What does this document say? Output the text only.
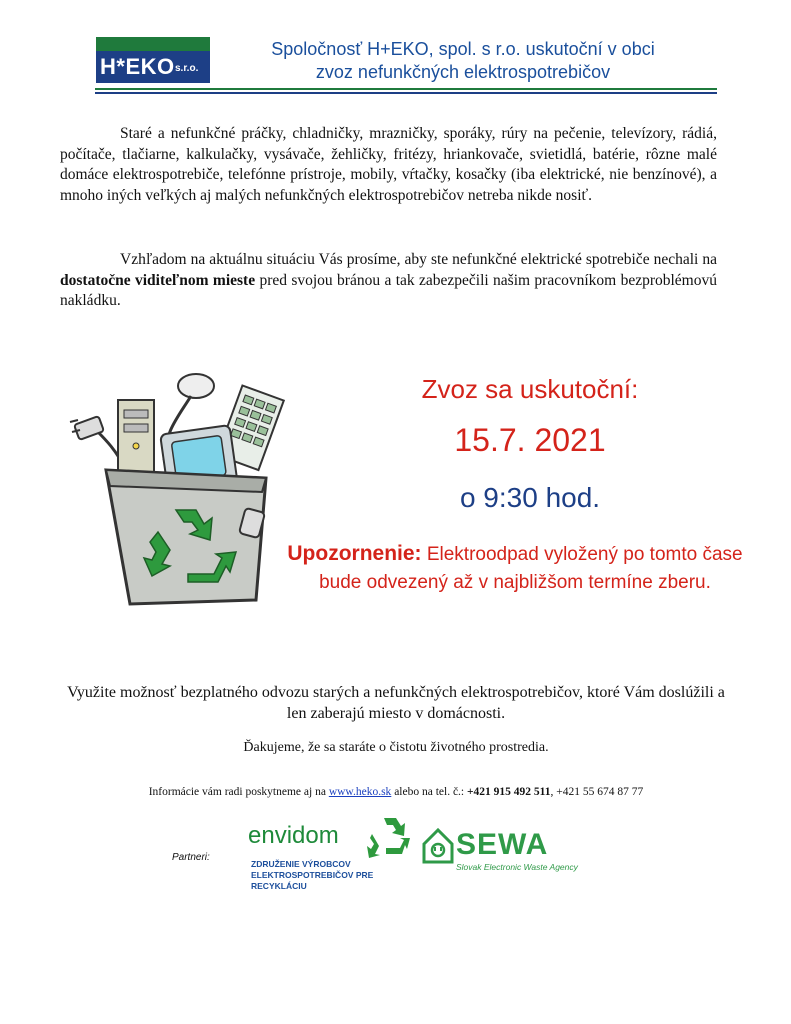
H*EKO s.r.o.
Spoločnosť H+EKO, spol. s r.o. uskutoční v obci
zvoz nefunkčných elektrospotrebičov
Staré a nefunkčné práčky, chladničky, mrazničky, sporáky, rúry na pečenie, televízory, rádiá, počítače, tlačiarne, kalkulačky, vysávače, žehličky, fritézy, hriankovače, svietidlá, batérie, rôzne malé domáce elektrospotrebiče, telefónne prístroje, mobily, vŕtačky, kosačky (iba elektrické, nie benzínové), a mnoho iných veľkých aj malých nefunkčných elektrospotrebičov netreba nikde nosiť.
Vzhľadom na aktuálnu situáciu Vás prosíme, aby ste nefunkčné elektrické spotrebiče nechali na dostatočne viditeľnom mieste pred svojou bránou a tak zabezpečili našim pracovníkom bezproblémovú nakládku.
Zvoz sa uskutoční:
15.7. 2021
o 9:30 hod.
Upozornenie: Elektroodpad vyložený po tomto čase bude odvezený až v najbližšom termíne zberu.
Využite možnosť bezplatného odvozu starých a nefunkčných elektrospotrebičov, ktoré Vám doslúžili a len zaberajú miesto v domácnosti.
Ďakujeme, že sa staráte o čistotu životného prostredia.
Informácie vám radi poskytneme aj na www.heko.sk alebo na tel. č.: +421 915 492 511, +421 55 674 87 77
Partneri:
envidom
ZDRUŽENIE VÝROBCOV
ELEKTROSPOTREBIČOV PRE RECYKLÁCIU
SEWA
Slovak Electronic Waste Agency
